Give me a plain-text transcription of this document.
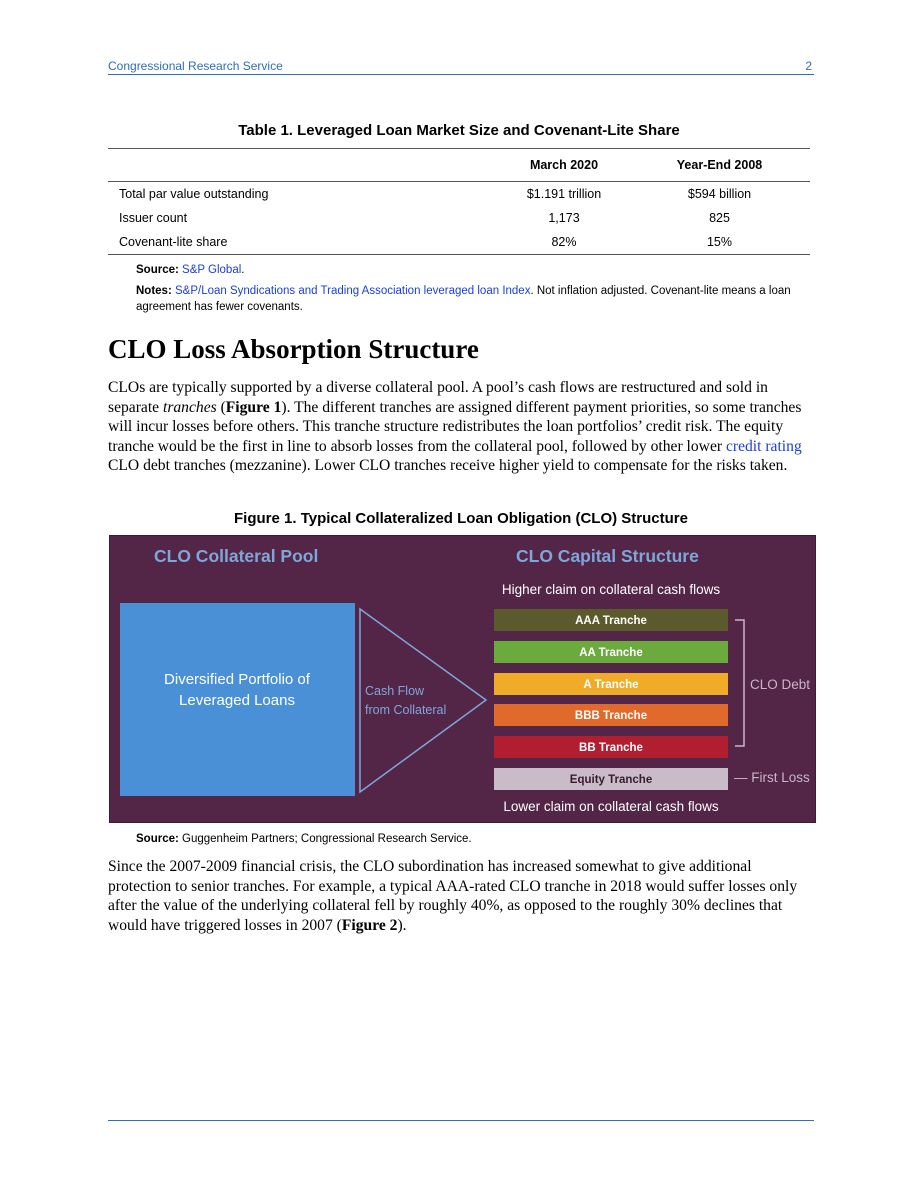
Congressional Research Service	2
Table 1. Leveraged Loan Market Size and Covenant-Lite Share
	March 2020	Year-End 2008
Total par value outstanding	$1.191 trillion	$594 billion
Issuer count	1,173	825
Covenant-lite share	82%	15%
Source: S&P Global.
Notes: S&P/Loan Syndications and Trading Association leveraged loan Index. Not inflation adjusted. Covenant-lite means a loan agreement has fewer covenants.
CLO Loss Absorption Structure

CLOs are typically supported by a diverse collateral pool. A pool’s cash flows are restructured and sold in separate tranches (Figure 1). The different tranches are assigned different payment priorities, so some tranches will incur losses before others. This tranche structure redistributes the loan portfolios’ credit risk. The equity tranche would be the first in line to absorb losses from the collateral pool, followed by other lower credit rating CLO debt tranches (mezzanine). Lower CLO tranches receive higher yield to compensate for the risks taken.

Figure 1. Typical Collateralized Loan Obligation (CLO) Structure
CLO Collateral Pool	CLO Capital Structure
Diversified Portfolio of
Leveraged Loans
Cash Flow
from Collateral
Higher claim on collateral cash flows
AAA Tranche
AA Tranche
A Tranche
BBB Tranche
BB Tranche
Equity Tranche
CLO Debt
— First Loss
Lower claim on collateral cash flows
Source: Guggenheim Partners; Congressional Research Service.

Since the 2007-2009 financial crisis, the CLO subordination has increased somewhat to give additional protection to senior tranches. For example, a typical AAA-rated CLO tranche in 2018 would suffer losses only after the value of the underlying collateral fell by roughly 40%, as opposed to the roughly 30% declines that would have triggered losses in 2007 (Figure 2).
